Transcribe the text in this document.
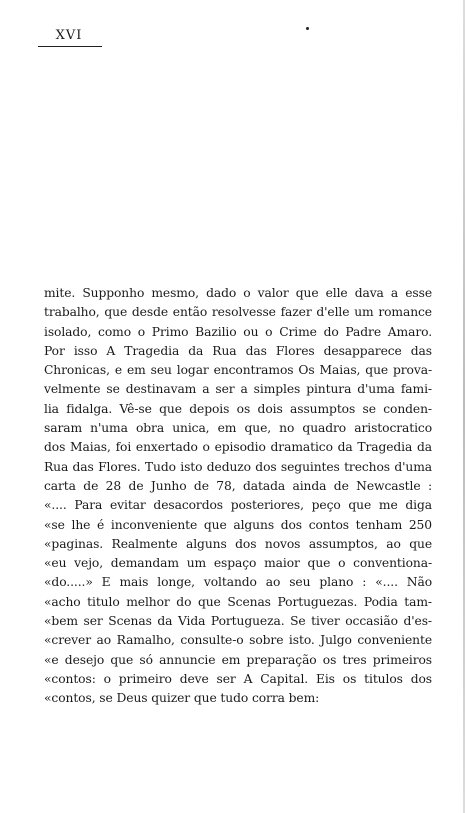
XVI
mite. Supponho mesmo, dado o valor que elle dava a esse
trabalho, que desde então resolvesse fazer d'elle um romance
isolado, como o Primo Bazilio ou o Crime do Padre Amaro.
Por isso A Tragedia da Rua das Flores desapparece das
Chronicas, e em seu logar encontramos Os Maias, que prova-
velmente se destinavam a ser a simples pintura d'uma fami-
lia fidalga. Vê-se que depois os dois assumptos se conden-
saram n'uma obra unica, em que, no quadro aristocratico
dos Maias, foi enxertado o episodio dramatico da Tragedia da
Rua das Flores. Tudo isto deduzo dos seguintes trechos d'uma
carta de 28 de Junho de 78, datada ainda de Newcastle :
«.... Para evitar desacordos posteriores, peço que me diga
«se lhe é inconveniente que alguns dos contos tenham 250
«paginas. Realmente alguns dos novos assumptos, ao que
«eu vejo, demandam um espaço maior que o conventiona-
«do.....» E mais longe, voltando ao seu plano : «.... Não
«acho titulo melhor do que Scenas Portuguezas. Podia tam-
«bem ser Scenas da Vida Portugueza. Se tiver occasião d'es-
«crever ao Ramalho, consulte-o sobre isto. Julgo conveniente
«e desejo que só annuncie em preparação os tres primeiros
«contos: o primeiro deve ser A Capital. Eis os titulos dos
«contos, se Deus quizer que tudo corra bem:
